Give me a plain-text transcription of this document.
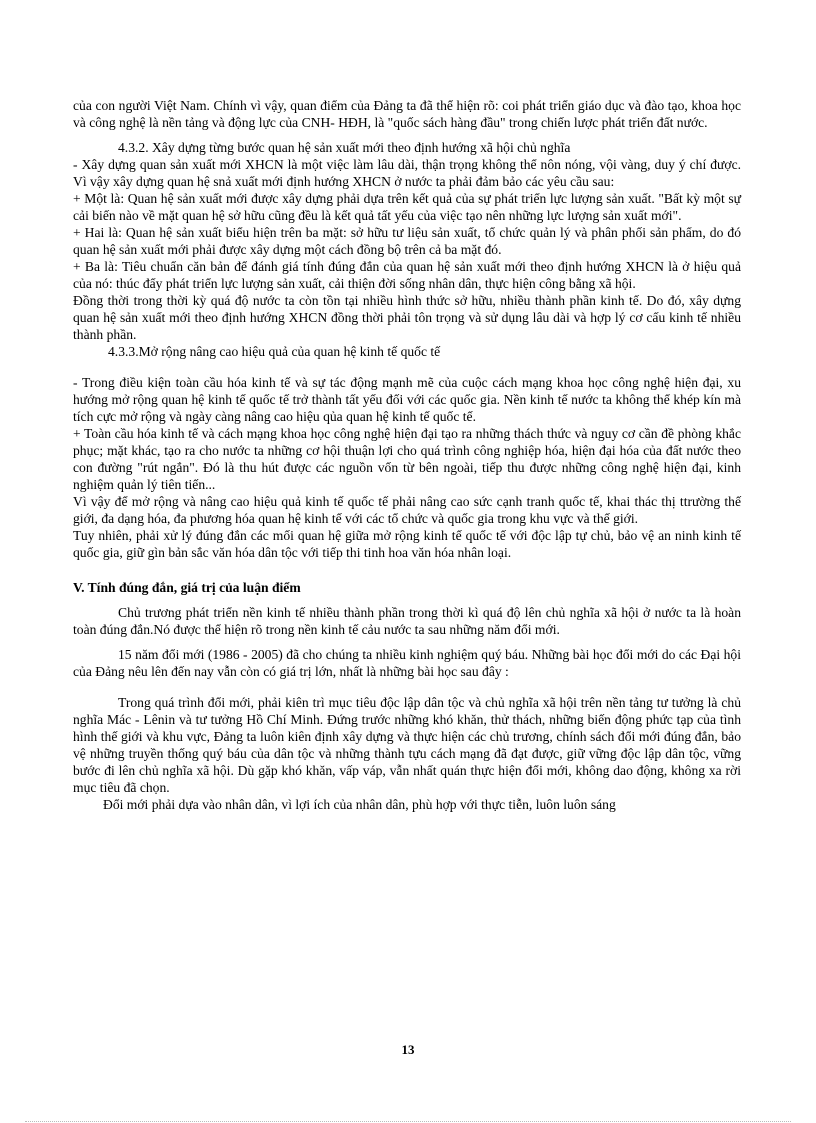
của con người Việt Nam. Chính vì vậy, quan điểm của Đảng ta đã thể hiện rõ: coi phát triển giáo dục và đào tạo, khoa học và công nghệ là nền tảng và động lực của CNH- HĐH, là "quốc sách hàng đầu" trong chiến lược phát triển đất nước.

4.3.2. Xây dựng từng bước quan hệ sản xuất mới theo định hướng xã hội chủ nghĩa

- Xây dựng quan sản xuất mới XHCN là một việc làm lâu dài, thận trọng không thể nôn nóng, vội vàng, duy ý chí được. Vì vậy xây dựng quan hệ snả xuất mới định hướng XHCN ở nước ta phải đảm bảo các yêu cầu sau:

+ Một là: Quan hệ sản xuất mới được xây dựng phải dựa trên kết quả của sự phát triển lực lượng sản xuất. "Bất kỳ một sự cải biến nào về mặt quan hệ sở hữu cũng đều là kết quả tất yếu của việc tạo nên những lực lượng sản xuất mới".

+ Hai là: Quan hệ sản xuất biểu hiện trên ba mặt: sở hữu tư liệu sản xuất, tổ chức quản lý và phân phối sản phẩm, do đó quan hệ sản xuất mới phải được xây dựng một cách đồng bộ trên cả ba mặt đó.

+ Ba là: Tiêu chuẩn căn bản để đánh giá tính đúng đắn của quan hệ sản xuất mới theo định hướng XHCN là ở hiệu quả của nó: thúc đẩy phát triển lực lượng sản xuất, cải thiện đời sống nhân dân, thực hiện công bằng xã hội.

Đồng thời trong thời kỳ quá độ nước ta còn tồn tại nhiều hình thức sở hữu, nhiều thành phần kinh tế. Do đó, xây dựng quan hệ sản xuất mới theo định hướng XHCN đồng thời phải tôn trọng và sử dụng lâu dài và hợp lý cơ cấu kinh tế nhiều thành phần.

4.3.3.Mở rộng nâng cao hiệu quả của quan hệ kinh tế quốc tế

- Trong điều kiện toàn cầu hóa kinh tế và sự tác động mạnh mẽ của cuộc cách mạng khoa học công nghệ hiện đại, xu hướng mở rộng quan hệ kinh tế quốc tế trở thành tất yếu đối với các quốc gia. Nền kinh tế nước ta không thể khép kín mà tích cực mở rộng và ngày càng nâng cao hiệu qủa quan hệ kinh tế quốc tế.

+ Toàn cầu hóa kinh tế và cách mạng khoa học công nghệ hiện đại tạo ra những thách thức và nguy cơ cần đề phòng khắc phục; mặt khác, tạo ra cho nước ta những cơ hội thuận lợi cho quá trình công nghiệp hóa, hiện đại hóa của đất nước theo con đường "rút ngắn". Đó là thu hút được các nguồn vốn từ bên ngoài, tiếp thu được những công nghệ hiện đại, kinh nghiệm quản lý tiên tiến...

Vì vậy để mở rộng và nâng cao hiệu quả kinh tế quốc tế phải nâng cao sức cạnh tranh quốc tế, khai thác thị ttrường thế giới, đa dạng hóa, đa phương hóa quan hệ kinh tế với các tổ chức và quốc gia trong khu vực và thế giới.

Tuy nhiên, phải xử lý đúng đắn các mối quan hệ giữa mở rộng kinh tế quốc tế với độc lập tự chủ, bảo vệ an ninh kinh tế quốc gia, giữ gìn bản sắc văn hóa dân tộc với tiếp thi tinh hoa văn hóa nhân loại.

V. Tính đúng đắn, giá trị của luận điểm

Chủ trương phát triển nền kinh tế nhiều thành phần trong thời kì quá độ lên chủ nghĩa xã hội ở nước ta là hoàn toàn đúng đắn.Nó được thể hiện rõ trong nền kinh tế cảu nước ta sau những năm đổi mới.

15 năm đổi mới (1986 - 2005) đã cho chúng ta nhiều kinh nghiệm quý báu. Những bài học đổi mới do các Đại hội của Đảng nêu lên đến nay vẫn còn có giá trị lớn, nhất là những bài học sau đây :

Trong quá trình đổi mới, phải kiên trì mục tiêu độc lập dân tộc và chủ nghĩa xã hội trên nền tảng tư tưởng là chủ nghĩa Mác - Lênin và tư tưởng Hồ Chí Minh. Đứng trước những khó khăn, thử thách, những biến động phức tạp của tình hình thế giới và khu vực, Đảng ta luôn kiên định xây dựng và thực hiện các chủ trương, chính sách đổi mới đúng đắn, bảo vệ những truyền thống quý báu của dân tộc và những thành tựu cách mạng đã đạt được, giữ vững độc lập dân tộc, vững bước đi lên chủ nghĩa xã hội. Dù gặp khó khăn, vấp váp, vẫn nhất quán thực hiện đổi mới, không dao động, không xa rời mục tiêu đã chọn.

Đổi mới phải dựa vào nhân dân, vì lợi ích của nhân dân, phù hợp với thực tiễn, luôn luôn sáng

13
